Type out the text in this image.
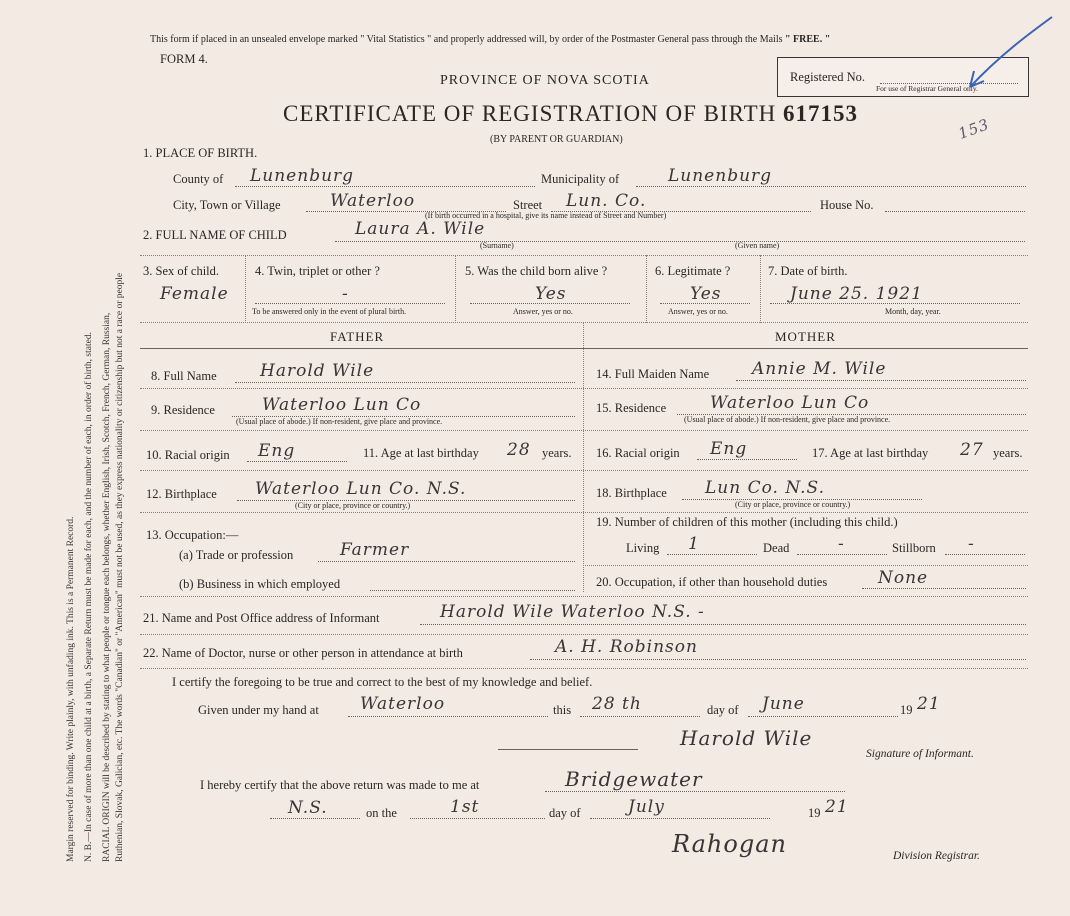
Margin reserved for binding. Write plainly, with unfading ink. This is a Permanent Record. N. B.—In case of more than one child at a birth, a Separate Return must be made for each, and the number of each, in order of birth, stated. RACIAL ORIGIN will be described by stating to what people or tongue each belongs, whether English, Irish, Scotch, French, German, Russian, Ruthenian, Slovak, Galician, etc. The words "Canadian" or "American" must not be used, as they express nationality or citizenship but not a race or people
This form if placed in an unsealed envelope marked " Vital Statistics " and properly addressed will, by order of the Postmaster General pass through the Mails " FREE. "
FORM 4.
PROVINCE OF NOVA SCOTIA
CERTIFICATE OF REGISTRATION OF BIRTH 617153
(BY PARENT OR GUARDIAN)
Registered No.
For use of Registrar General only.
153
1. PLACE OF BIRTH.
County of Lunenburg	Municipality of	Lunenburg
City, Town or Village	Waterloo	Street Lun. Co.	House No.
(If birth occurred in a hospital, give its name instead of Street and Number)
2. FULL NAME OF CHILD	Laura A. Wile
(Surname)	(Given name)
3. Sex of child.
Female
4. Twin, triplet or other ?
-
To be answered only in the event of plural birth.
5. Was the child born alive ?
Yes
Answer, yes or no.
6. Legitimate ?
Yes
Answer, yes or no.
7. Date of birth.
June 25. 1921
Month, day, year.
FATHER	MOTHER
8. Full Name	Harold Wile	14. Full Maiden Name	Annie M. Wile
9. Residence	Waterloo Lun Co
(Usual place of abode.) If non-resident, give place and province.
15. Residence	Waterloo Lun Co
(Usual place of abode.) If non-resident, give place and province.
10. Racial origin Eng	11. Age at last birthday 28 years. 16. Racial origin Eng	17. Age at last birthday 27 years.
12. Birthplace Waterloo Lun Co. N.S.
(City or place, province or country.)
18. Birthplace Lun Co. N.S.
(City or place, province or country.)
13. Occupation:—
(a) Trade or profession	Farmer
(b) Business in which employed
19. Number of children of this mother (including this child.)
Living 1	Dead	-	Stillborn -
20. Occupation, if other than household duties	None
21. Name and Post Office address of Informant	Harold Wile Waterloo N.S. -
22. Name of Doctor, nurse or other person in attendance at birth	A. H. Robinson
I certify the foregoing to be true and correct to the best of my knowledge and belief.
Given under my hand at Waterloo	this 28 th	day of June	19 21
Harold Wile
Signature of Informant.
I hereby certify that the above return was made to me at	Bridgewater
N.S.	on the	1st	day of	July	19 21
Rahogan	Division Registrar.
